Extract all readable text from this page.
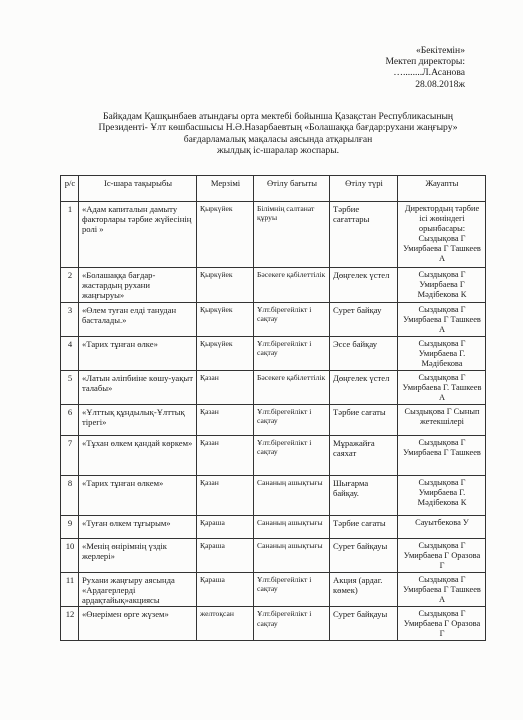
«Бекітемін»
Мектеп директоры:
…........Л.Асанова
28.08.2018ж
Байқадам Қашқынбаев атындағы орта мектебі бойынша Қазақстан Республикасының
Президенті- Ұлт көшбасшысы Н.Ә.Назарбаевтың «Болашаққа бағдар:рухани жаңғыру»
бағдарламалық мақаласы аясында атқарылған
жылдық іс-шаралар жоспары.
р/с	Іс-шара тақырыбы	Мерзімі	Өтілу бағыты	Өтілу түрі	Жауапты
1	«Адам капиталын дамыту факторлары тәрбие жүйесінің ролі »	Қыркүйек	Білімнің салтанат құруы	Тәрбие сағаттары	Директордың тәрбие ісі жөніндегі орынбасары: Сыздықова Г Умирбаева Г Ташкеев А
2	«Болашаққа бағдар-жастардың рухани жаңғыруы»	Қыркүйек	Бәсекеге қабілеттілік	Дөңгелек үстел	Сыздықова Г Умирбаева Г Мәдібекова К
3	«Өлем туған елді танудан басталады.»	Қыркүйек	Ұлт.бірегейлікт і сақтау	Сурет байқау	Сыздықова Г Умирбаева Г Ташкеев А
4	«Тарих тұнған өлке»	Қыркүйек	Ұлт.бірегейлікт і сақтау	Эссе байқау	Сыздықова Г Умирбаева Г. Мәдібекова
5	«Латын әліпбиіне көшу-уақыт талабы»	Қазан	Бәсекеге қабілеттілік	Дөңгелек үстел	Сыздықова Г Умирбаева Г. Ташкеев А
6	«Ұлттық құндылық-Ұлттық тірегі»	Қазан	Ұлт.бірегейлікт і сақтау	Тәрбие сағаты	Сыздықова Г Сынып жетекшілері
7	«Тұхан өлкем қандай көркем»	Қазан	Ұлт.бірегейлікт і сақтау	Мұражайға саяхат	Сыздықова Г Умирбаева Г Ташкеев
8	«Тарих тұнған өлкем»	Қазан	Сананың ашықтығы	Шығарма байқау.	Сыздықова Г Умирбаева Г. Мәдібекова К
9	«Туған өлкем тұғырым»	Қараша	Сананың ашықтығы	Тәрбие сағаты	Сауытбекова У
10	«Менің өнірімнің үздік жерлері»	Қараша	Сананың ашықтығы	Сурет байқауы	Сыздықова Г Умирбаева Г Оразова Г
11	Рухани жаңғыру аясында «Ардагерлерді ардақтайық»акциясы	Қараша	Ұлт.бірегейлікт і сақтау	Акция (ардаг. көмек)	Сыздықова Г Умирбаева Г Ташкеев А
12	«Өнерімен өрге жүзем»	желтоқсан	Ұлт.бірегейлікт і сақтау	Сурет байқауы	Сыздықова Г Умирбаева Г Оразова Г
